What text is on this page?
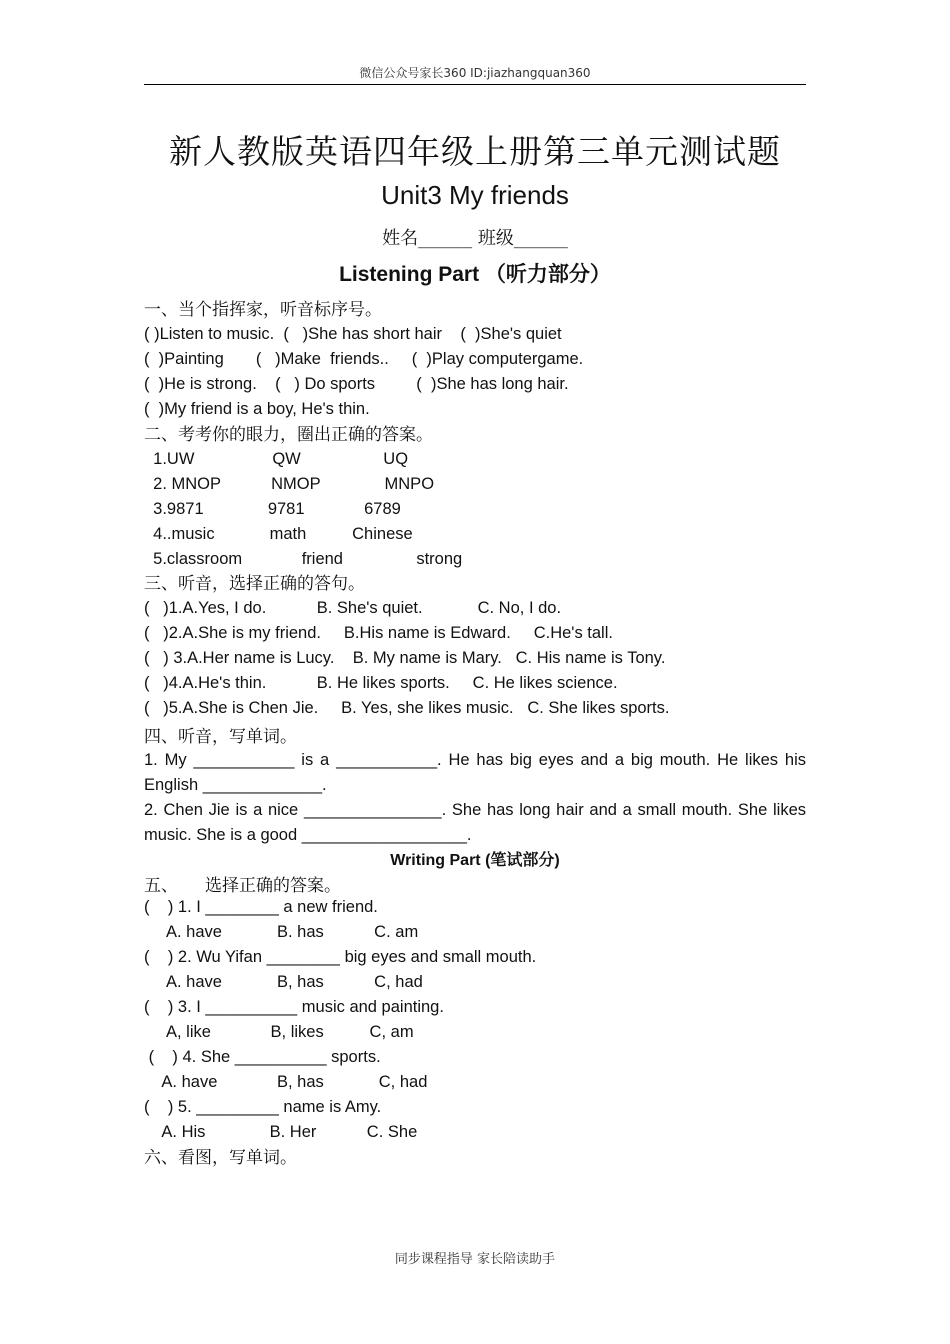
微信公众号家长360 ID:jiazhangquan360
新人教版英语四年级上册第三单元测试题
Unit3 My friends
姓名______ 班级______
Listening Part （听力部分）
一、当个指挥家，听音标序号。
( )Listen to music.  (   )She has short hair    (  )She's quiet
(  )Painting       (   )Make  friends..     (  )Play computergame.
(  )He is strong.    (   ) Do sports         (  )She has long hair.
(  )My friend is a boy, He's thin.
二、考考你的眼力，圈出正确的答案。
1.UW                 QW                  UQ
2. MNOP           NMOP              MNPO
3.9871              9781             6789
4..music            math          Chinese
5.classroom             friend                strong
三、听音，选择正确的答句。
(   )1.A.Yes, I do.           B. She's quiet.            C. No, I do.
(   )2.A.She is my friend.     B.His name is Edward.     C.He's tall.
(   ) 3.A.Her name is Lucy.    B. My name is Mary.   C. His name is Tony.
(   )4.A.He's thin.           B. He likes sports.     C. He likes science.
(   )5.A.She is Chen Jie.     B. Yes, she likes music.   C. She likes sports.
四、听音，写单词。
1. My ___________ is a ___________. He has big eyes and a big mouth. He likes his English _____________.
2. Chen Jie is a nice _______________. She has long hair and a small mouth. She likes music. She is a good __________________.
Writing Part (笔试部分)
五、     选择正确的答案。
(    ) 1. I ________ a new friend.
A. have            B. has           C. am
(    ) 2. Wu Yifan ________ big eyes and small mouth.
A. have            B, has           C, had
(    ) 3. I __________ music and painting.
A, like             B, likes          C, am
(    ) 4. She __________ sports.
A. have             B, has            C, had
(    ) 5. _________ name is Amy.
A. His              B. Her           C. She
六、看图，写单词。
同步课程指导 家长陪读助手
